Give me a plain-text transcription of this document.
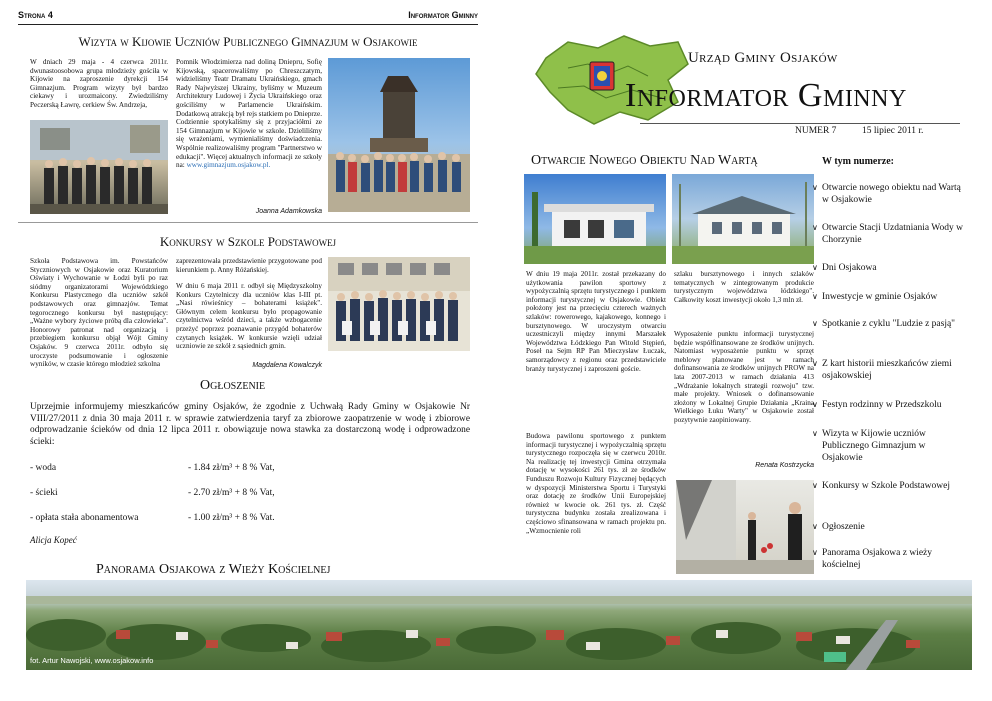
Strona 4	Informator Gminny
Wizyta w Kijowie Uczniów Publicznego Gimnazjum w Osjakowie
W dniach 29 maja - 4 czerwca 2011r. dwunastoosobowa grupa młodzieży gościła w Kijowie na zaproszenie dyrekcji 154 Gimnazjum. Program wizyty był bardzo ciekawy i urozmaicony. Zwiedziliśmy Peczerską Ławrę, cerkiew Św. Andrzeja,
Pomnik Włodzimierza nad doliną Dniepru, Sofię Kijowską, spacerowaliśmy po Chreszczatym, widzieliśmy Teatr Dramatu Ukraińskiego, gmach Rady Najwyższej Ukrainy, byliśmy w Muzeum Architektury Ludowej i Życia Ukraińskiego oraz gościliśmy w Parlamencie Ukraińskim. Dodatkową atrakcją był rejs statkiem po Dnieprze. Codziennie spotykaliśmy się z przyjaciółmi ze 154 Gimnazjum w Kijowie w szkole. Dzieliliśmy się wrażeniami, wymienialiśmy doświadczenia. Wspólnie realizowaliśmy program "Partnerstwo w edukacji". Więcej aktualnych informacji ze szkoły na: www.gimnazjum.osjakow.pl.
Joanna Adamkowska
Konkursy w Szkole Podstawowej
Szkoła Podstawowa im. Powstańców Styczniowych w Osjakowie oraz Kuratorium Oświaty i Wychowanie w Łodzi byli po raz siódmy organizatorami Wojewódzkiego Konkursu Plastycznego dla uczniów szkół podstawowych oraz gimnazjów. Temat tegorocznego konkursu był następujący: „Ważne wybory życiowe próbą dla człowieka". Honorowy patronat nad organizacją i przebiegiem konkursu objął Wójt Gminy Osjaków. 9 czerwca 2011r. odbyło się uroczyste podsumowanie i ogłoszenie wyników, w czasie którego młodzież szkolna
zaprezentowała przedstawienie przygotowane pod kierunkiem p. Anny Różańskiej.
W dniu 6 maja 2011 r. odbył się Międzyszkolny Konkurs Czytelniczy dla uczniów klas I-III pt. „Nasi rówieśnicy – bohaterami książek". Głównym celem konkursu było propagowanie czytelnictwa wśród dzieci, a także wzbogacenie przeżyć poprzez poznawanie przygód bohaterów czytanych książek. W konkursie wzięli udział uczniowie ze szkół z sąsiednich gmin.
Magdalena Kowalczyk
Ogłoszenie
Uprzejmie informujemy mieszkańców gminy Osjaków, że zgodnie z Uchwałą Rady Gminy w Osjakowie Nr VIII/27/2011 z dnia 30 maja 2011 r. w sprawie zatwierdzenia taryf za zbiorowe zaopatrzenie w wodę i zbiorowe odprowadzanie ścieków od dnia 12 lipca 2011 r. obowiązuje nowa stawka za dostarczoną wodę i odprowadzone ścieki:
- woda	- 1.84 zł/m³ + 8 % Vat,
- ścieki	- 2.70 zł/m³ + 8 % Vat,
- opłata stała abonamentowa	- 1.00 zł/m³ + 8 % Vat.
Alicja Kopeć
Panorama Osjakowa z Wieży Kościelnej
fot. Artur Nawojski, www.osjakow.info
Urząd Gminy Osjaków
Informator Gminny
NUMER 7	15 lipiec 2011 r.
Otwarcie Nowego Obiektu Nad Wartą
W dniu 19 maja 2011r. został przekazany do użytkowania pawilon sportowy z wypożyczalnią sprzętu turystycznego i punktem informacji turystycznej w Osjakowie. Obiekt położony jest na przecięciu czterech ważnych szlaków: rowerowego, kajakowego, konnego i bursztynowego. W uroczystym otwarciu uczestniczyli między innymi Marszałek Województwa Łódzkiego Pan Witold Stępień, Poseł na Sejm RP Pan Mieczysław Łuczak, samorządowcy z regionu oraz przedstawiciele branży turystycznej i zaproszeni goście.
Budowa pawilonu sportowego z punktem informacji turystycznej i wypożyczalnią sprzętu turystycznego rozpoczęła się w czerwcu 2010r. Na realizację tej inwestycji Gmina otrzymała dotację w wysokości 261 tys. zł ze środków Funduszu Rozwoju Kultury Fizycznej będących w dyspozycji Ministerstwa Sportu i Turystyki oraz dotację ze środków Unii Europejskiej również w kwocie ok. 261 tys. zł. Część turystyczna budynku została zrealizowana i częściowo sfinansowana w ramach projektu pn. „Wzmocnienie roli
szlaku bursztynowego i innych szlaków tematycznych w zintegrowanym produkcie turystycznym województwa łódzkiego". Całkowity koszt inwestycji około 1,3 mln zł.
Wyposażenie punktu informacji turystycznej będzie współfinansowane ze środków unijnych. Natomiast wyposażenie punktu w sprzęt meblowy planowane jest w ramach dofinansowania ze środków unijnych PROW na lata 2007-2013 w ramach działania 413 „Wdrażanie lokalnych strategii rozwoju" tzw. małe projekty. Wniosek o dofinansowanie złożony w Lokalnej Grupie Działania „Kraina Wielkiego Łuku Warty" w Osjakowie został pozytywnie zaopiniowany.
Renata Kostrzycka
W tym numerze:
∨ Otwarcie nowego obiektu nad Wartą w Osjakowie
∨ Otwarcie Stacji Uzdatniania Wody w Chorzynie
∨ Dni Osjakowa
∨ Inwestycje w gminie Osjaków
∨ Spotkanie z cyklu "Ludzie z pasją"
∨ Z kart historii mieszkańców ziemi osjakowskiej
∨ Festyn rodzinny w Przedszkolu
∨ Wizyta w Kijowie uczniów Publicznego Gimnazjum w Osjakowie
∨ Konkursy w Szkole Podstawowej
∨ Ogłoszenie
∨ Panorama Osjakowa z wieży kościelnej
